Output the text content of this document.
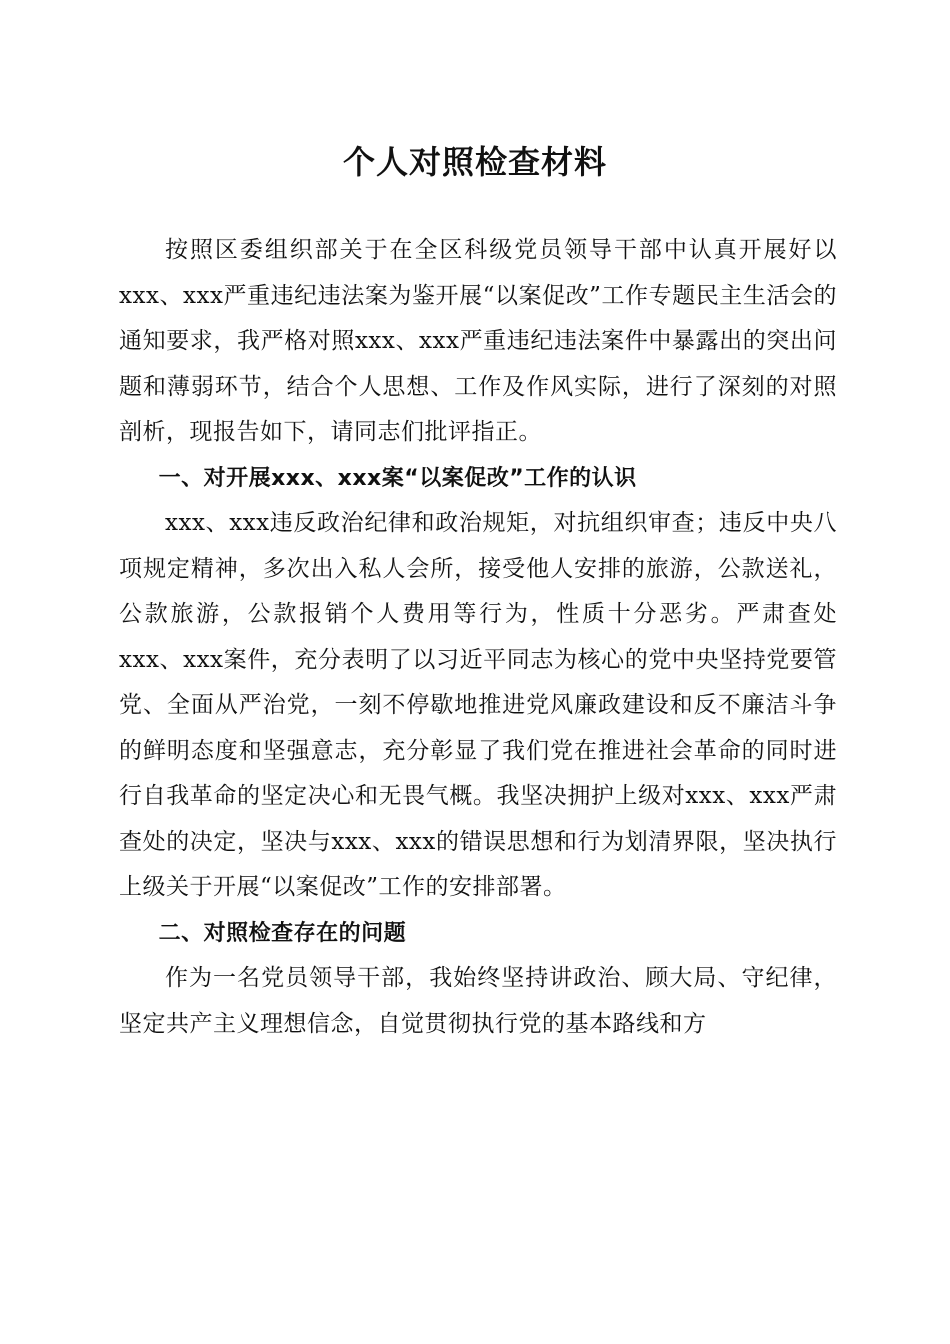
个人对照检查材料

按照区委组织部关于在全区科级党员领导干部中认真开展好以xxx、xxx严重违纪违法案为鉴开展“以案促改”工作专题民主生活会的通知要求，我严格对照xxx、xxx严重违纪违法案件中暴露出的突出问题和薄弱环节，结合个人思想、工作及作风实际，进行了深刻的对照剖析，现报告如下，请同志们批评指正。

一、对开展xxx、xxx案“以案促改”工作的认识

xxx、xxx违反政治纪律和政治规矩，对抗组织审查；违反中央八项规定精神，多次出入私人会所，接受他人安排的旅游，公款送礼，公款旅游，公款报销个人费用等行为，性质十分恶劣。严肃查处xxx、xxx案件，充分表明了以习近平同志为核心的党中央坚持党要管党、全面从严治党，一刻不停歇地推进党风廉政建设和反不廉洁斗争的鲜明态度和坚强意志，充分彰显了我们党在推进社会革命的同时进行自我革命的坚定决心和无畏气概。我坚决拥护上级对xxx、xxx严肃查处的决定，坚决与xxx、xxx的错误思想和行为划清界限，坚决执行上级关于开展“以案促改”工作的安排部署。

二、对照检查存在的问题

作为一名党员领导干部，我始终坚持讲政治、顾大局、守纪律，坚定共产主义理想信念，自觉贯彻执行党的基本路线和方
